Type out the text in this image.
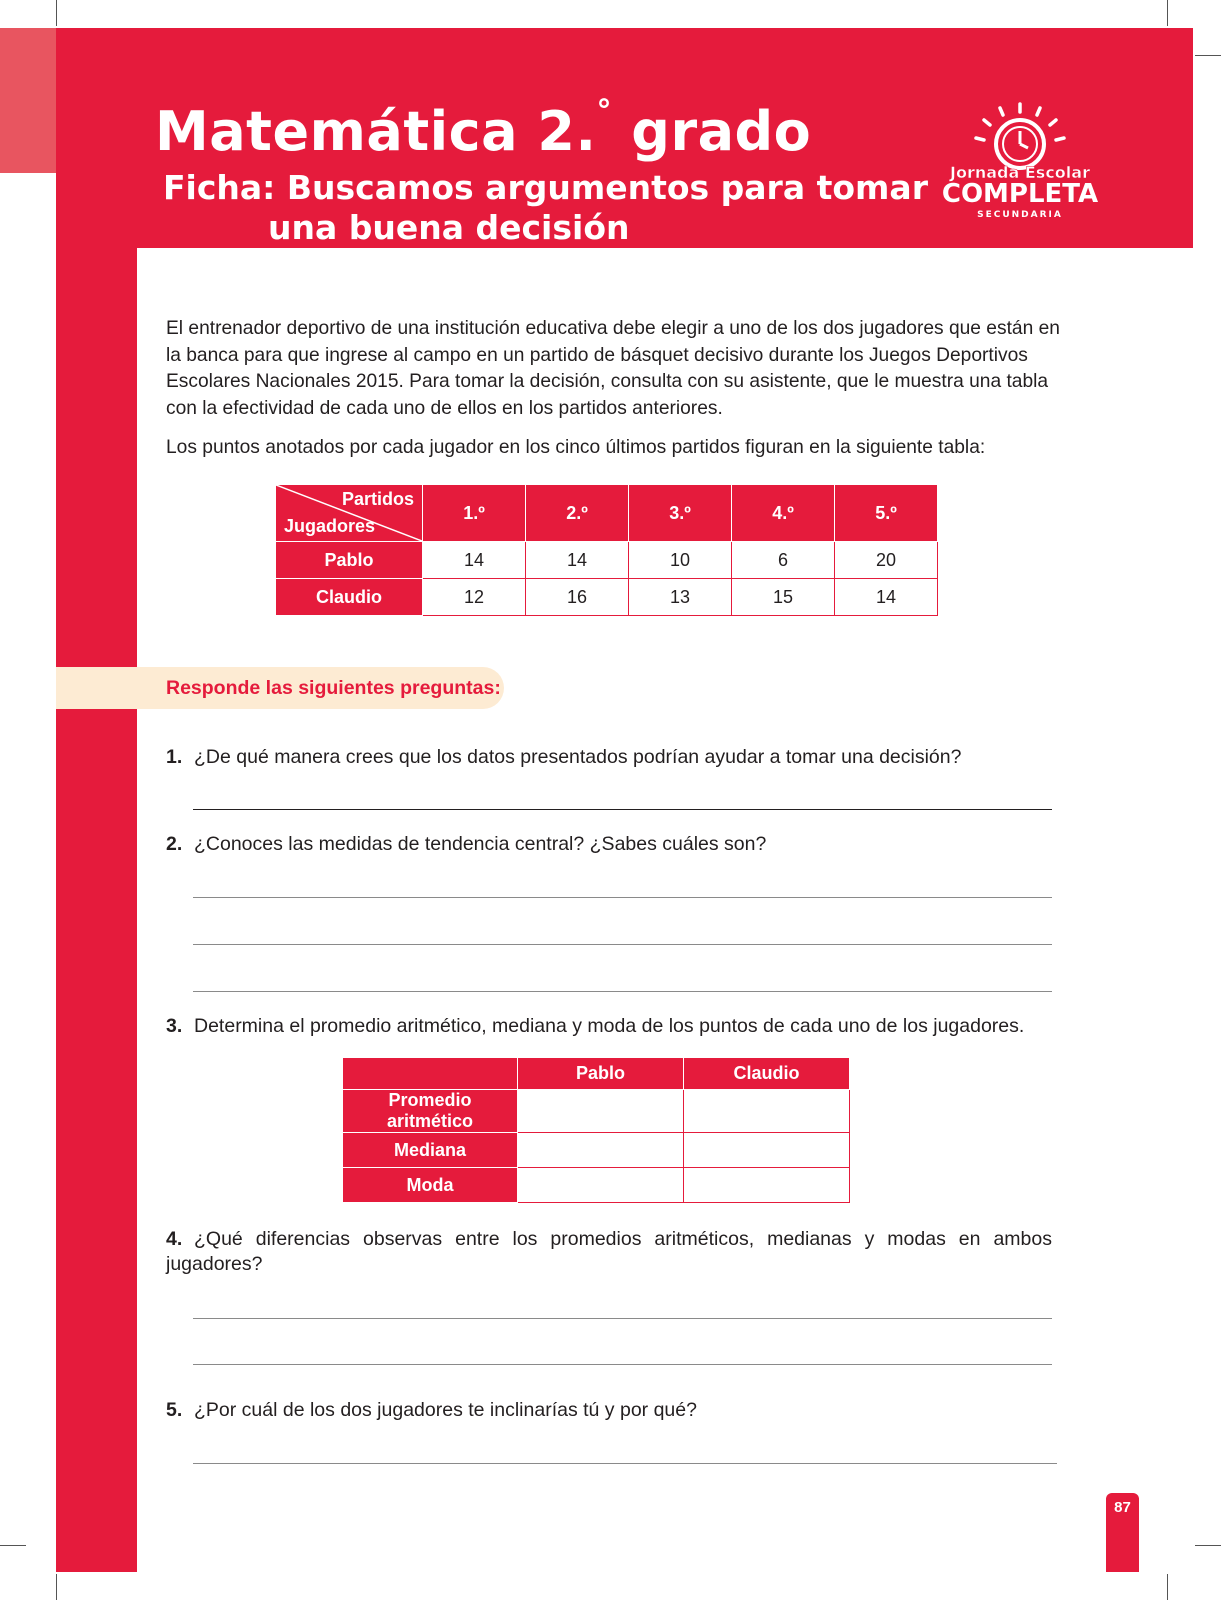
Matemática 2.° grado
Ficha: Buscamos argumentos para tomar
una buena decisión
Jornada Escolar
COMPLETA
SECUNDARIA
El entrenador deportivo de una institución educativa debe elegir a uno de los dos jugadores que están en la banca para que ingrese al campo en un partido de básquet decisivo durante los Juegos Deportivos Escolares Nacionales 2015. Para tomar la decisión, consulta con su asistente, que le muestra una tabla con la efectividad de cada uno de ellos en los partidos anteriores.
Los puntos anotados por cada jugador en los cinco últimos partidos figuran en la siguiente tabla:
Partidos
Jugadores	1.º	2.º	3.º	4.º	5.º
Pablo	14	14	10	6	20
Claudio	12	16	13	15	14
Responde las siguientes preguntas:
1. ¿De qué manera crees que los datos presentados podrían ayudar a tomar una decisión?
2. ¿Conoces las medidas de tendencia central? ¿Sabes cuáles son?
3. Determina el promedio aritmético, mediana y moda de los puntos de cada uno de los jugadores.
	Pablo	Claudio
Promedio aritmético		
Mediana		
Moda		
4. ¿Qué diferencias observas entre los promedios aritméticos, medianas y modas en ambos jugadores?
5. ¿Por cuál de los dos jugadores te inclinarías tú y por qué?
87
